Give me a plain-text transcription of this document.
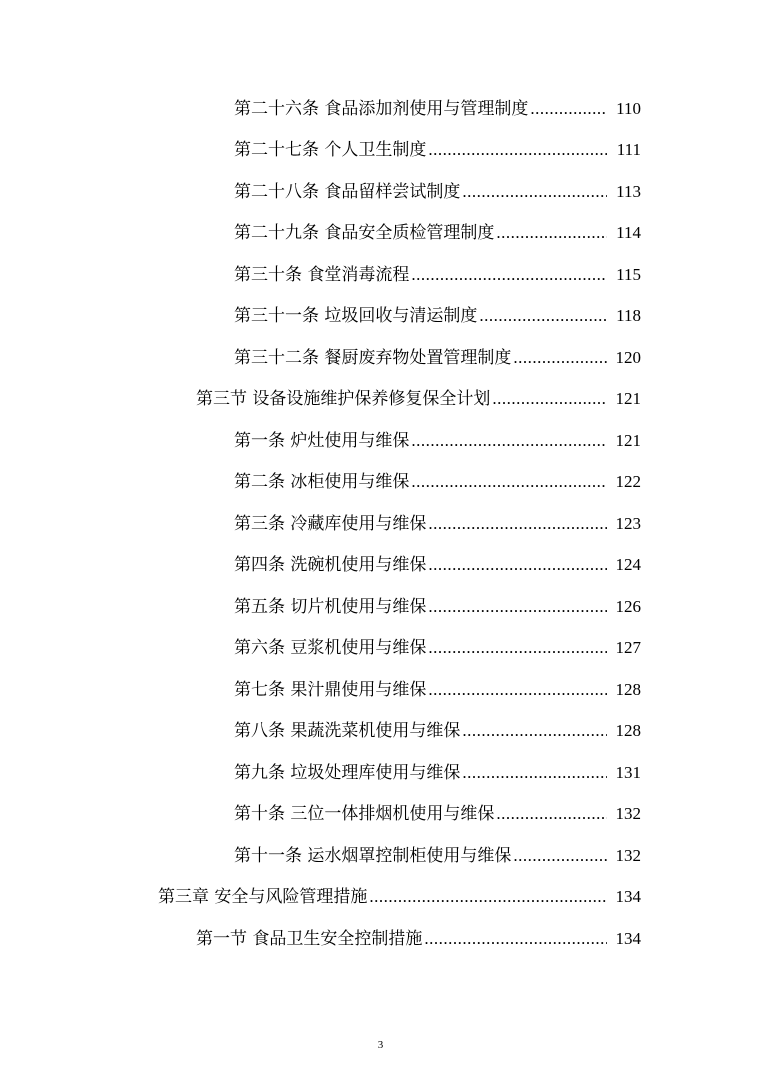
第二十六条 食品添加剂使用与管理制度 .....	110
第二十七条 个人卫生制度 .....	111
第二十八条 食品留样尝试制度 .....	113
第二十九条 食品安全质检管理制度 .....	114
第三十条 食堂消毒流程 .....	115
第三十一条 垃圾回收与清运制度 .....	118
第三十二条 餐厨废弃物处置管理制度 .....	120
第三节 设备设施维护保养修复保全计划 .....	121
第一条 炉灶使用与维保 .....	121
第二条 冰柜使用与维保 .....	122
第三条 冷藏库使用与维保 .....	123
第四条 洗碗机使用与维保 .....	124
第五条 切片机使用与维保 .....	126
第六条 豆浆机使用与维保 .....	127
第七条 果汁鼎使用与维保 .....	128
第八条 果蔬洗菜机使用与维保 .....	128
第九条 垃圾处理库使用与维保 .....	131
第十条 三位一体排烟机使用与维保 .....	132
第十一条 运水烟罩控制柜使用与维保 .....	132
第三章 安全与风险管理措施 .....	134
第一节 食品卫生安全控制措施 .....	134
3
